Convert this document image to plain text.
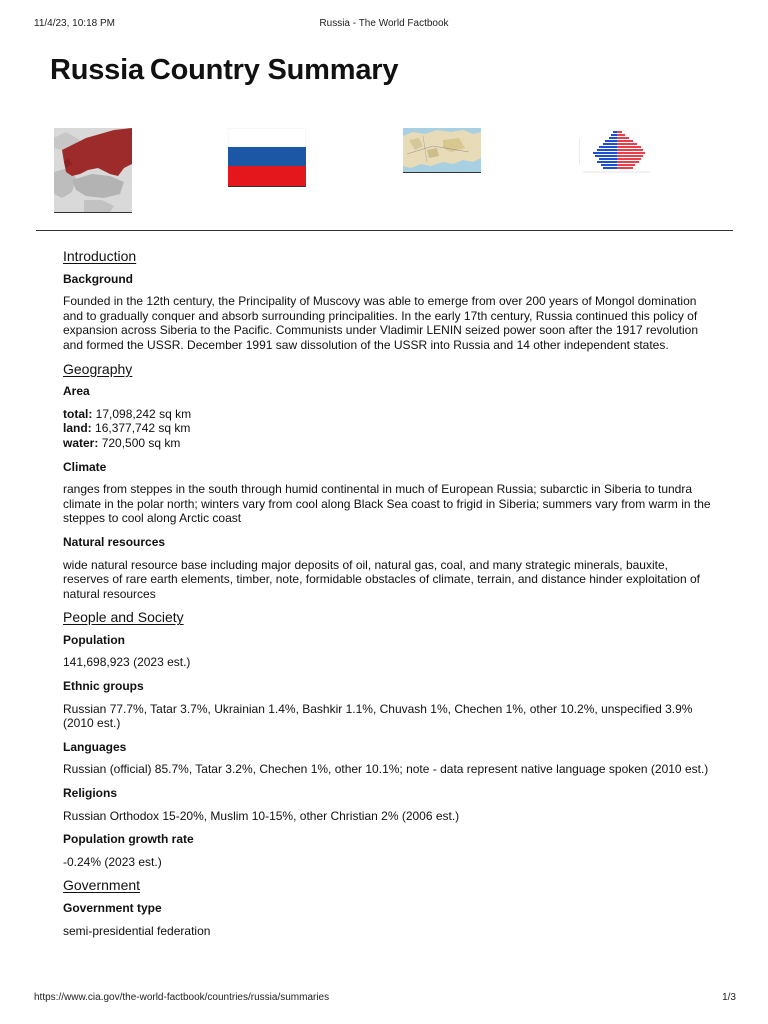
11/4/23, 10:18 PM	Russia - The World Factbook
Russia Country Summary
Introduction
Background

Founded in the 12th century, the Principality of Muscovy was able to emerge from over 200 years of Mongol domination and to gradually conquer and absorb surrounding principalities. In the early 17th century, Russia continued this policy of expansion across Siberia to the Pacific. Communists under Vladimir LENIN seized power soon after the 1917 revolution and formed the USSR. December 1991 saw dissolution of the USSR into Russia and 14 other independent states.

Geography
Area

total: 17,098,242 sq km
land: 16,377,742 sq km
water: 720,500 sq km

Climate

ranges from steppes in the south through humid continental in much of European Russia; subarctic in Siberia to tundra climate in the polar north; winters vary from cool along Black Sea coast to frigid in Siberia; summers vary from warm in the steppes to cool along Arctic coast

Natural resources

wide natural resource base including major deposits of oil, natural gas, coal, and many strategic minerals, bauxite, reserves of rare earth elements, timber, note, formidable obstacles of climate, terrain, and distance hinder exploitation of natural resources

People and Society
Population

141,698,923 (2023 est.)

Ethnic groups

Russian 77.7%, Tatar 3.7%, Ukrainian 1.4%, Bashkir 1.1%, Chuvash 1%, Chechen 1%, other 10.2%, unspecified 3.9% (2010 est.)

Languages

Russian (official) 85.7%, Tatar 3.2%, Chechen 1%, other 10.1%; note - data represent native language spoken (2010 est.)

Religions

Russian Orthodox 15-20%, Muslim 10-15%, other Christian 2% (2006 est.)

Population growth rate

-0.24% (2023 est.)

Government
Government type

semi-presidential federation

https://www.cia.gov/the-world-factbook/countries/russia/summaries	1/3
